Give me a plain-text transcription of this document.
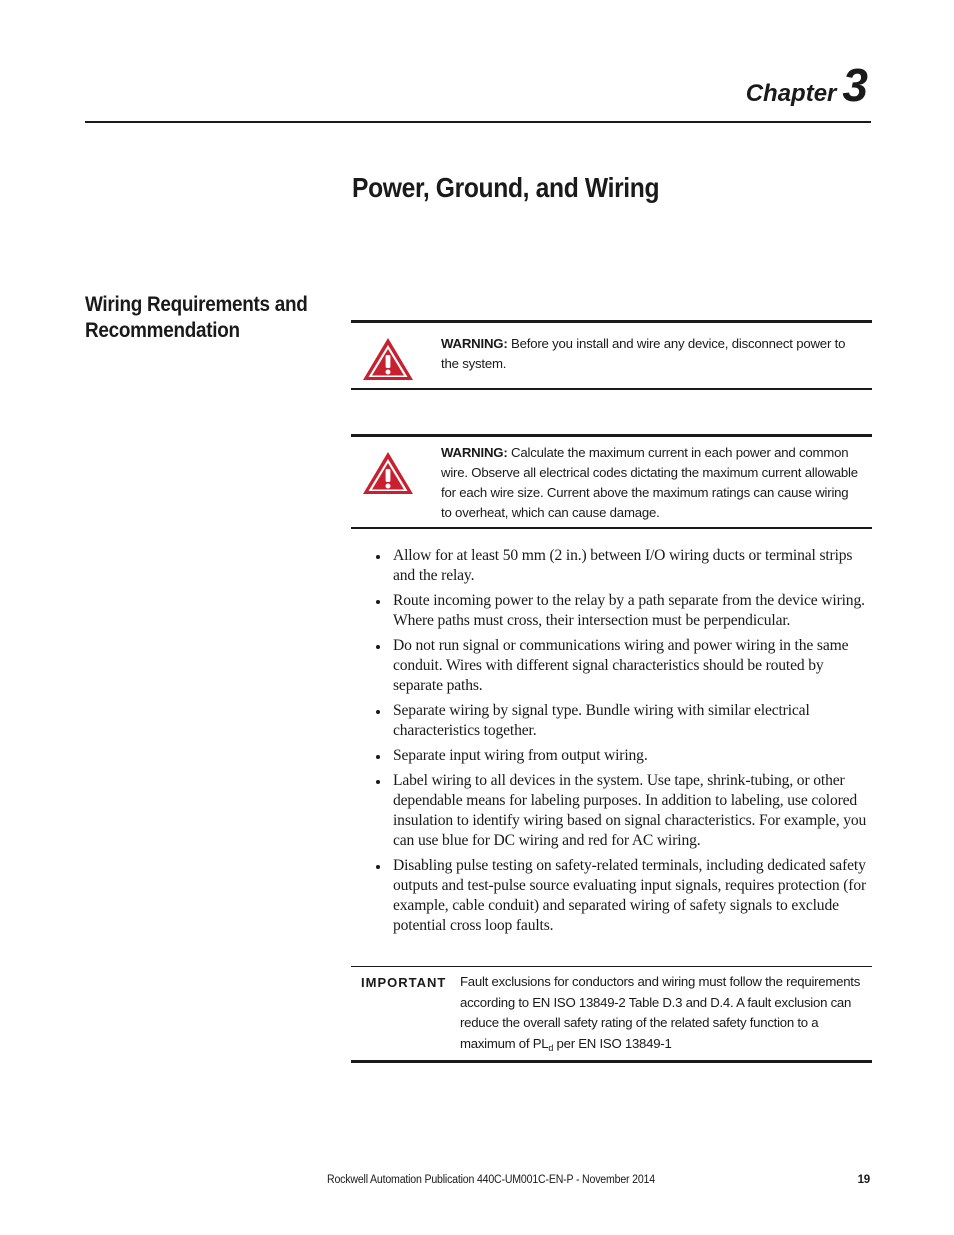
Chapter 3
Power, Ground, and Wiring
Wiring Requirements and Recommendation
WARNING: Before you install and wire any device, disconnect power to the system.
WARNING: Calculate the maximum current in each power and common wire. Observe all electrical codes dictating the maximum current allowable for each wire size. Current above the maximum ratings can cause wiring to overheat, which can cause damage.
Allow for at least 50 mm (2 in.) between I/O wiring ducts or terminal strips and the relay.
Route incoming power to the relay by a path separate from the device wiring. Where paths must cross, their intersection must be perpendicular.
Do not run signal or communications wiring and power wiring in the same conduit. Wires with different signal characteristics should be routed by separate paths.
Separate wiring by signal type. Bundle wiring with similar electrical characteristics together.
Separate input wiring from output wiring.
Label wiring to all devices in the system. Use tape, shrink-tubing, or other dependable means for labeling purposes. In addition to labeling, use colored insulation to identify wiring based on signal characteristics. For example, you can use blue for DC wiring and red for AC wiring.
Disabling pulse testing on safety-related terminals, including dedicated safety outputs and test-pulse source evaluating input signals, requires protection (for example, cable conduit) and separated wiring of safety signals to exclude potential cross loop faults.
IMPORTANT Fault exclusions for conductors and wiring must follow the requirements according to EN ISO 13849-2 Table D.3 and D.4. A fault exclusion can reduce the overall safety rating of the related safety function to a maximum of $PL_d$ per EN ISO 13849-1
Rockwell Automation Publication 440C-UM001C-EN-P - November 2014	19
